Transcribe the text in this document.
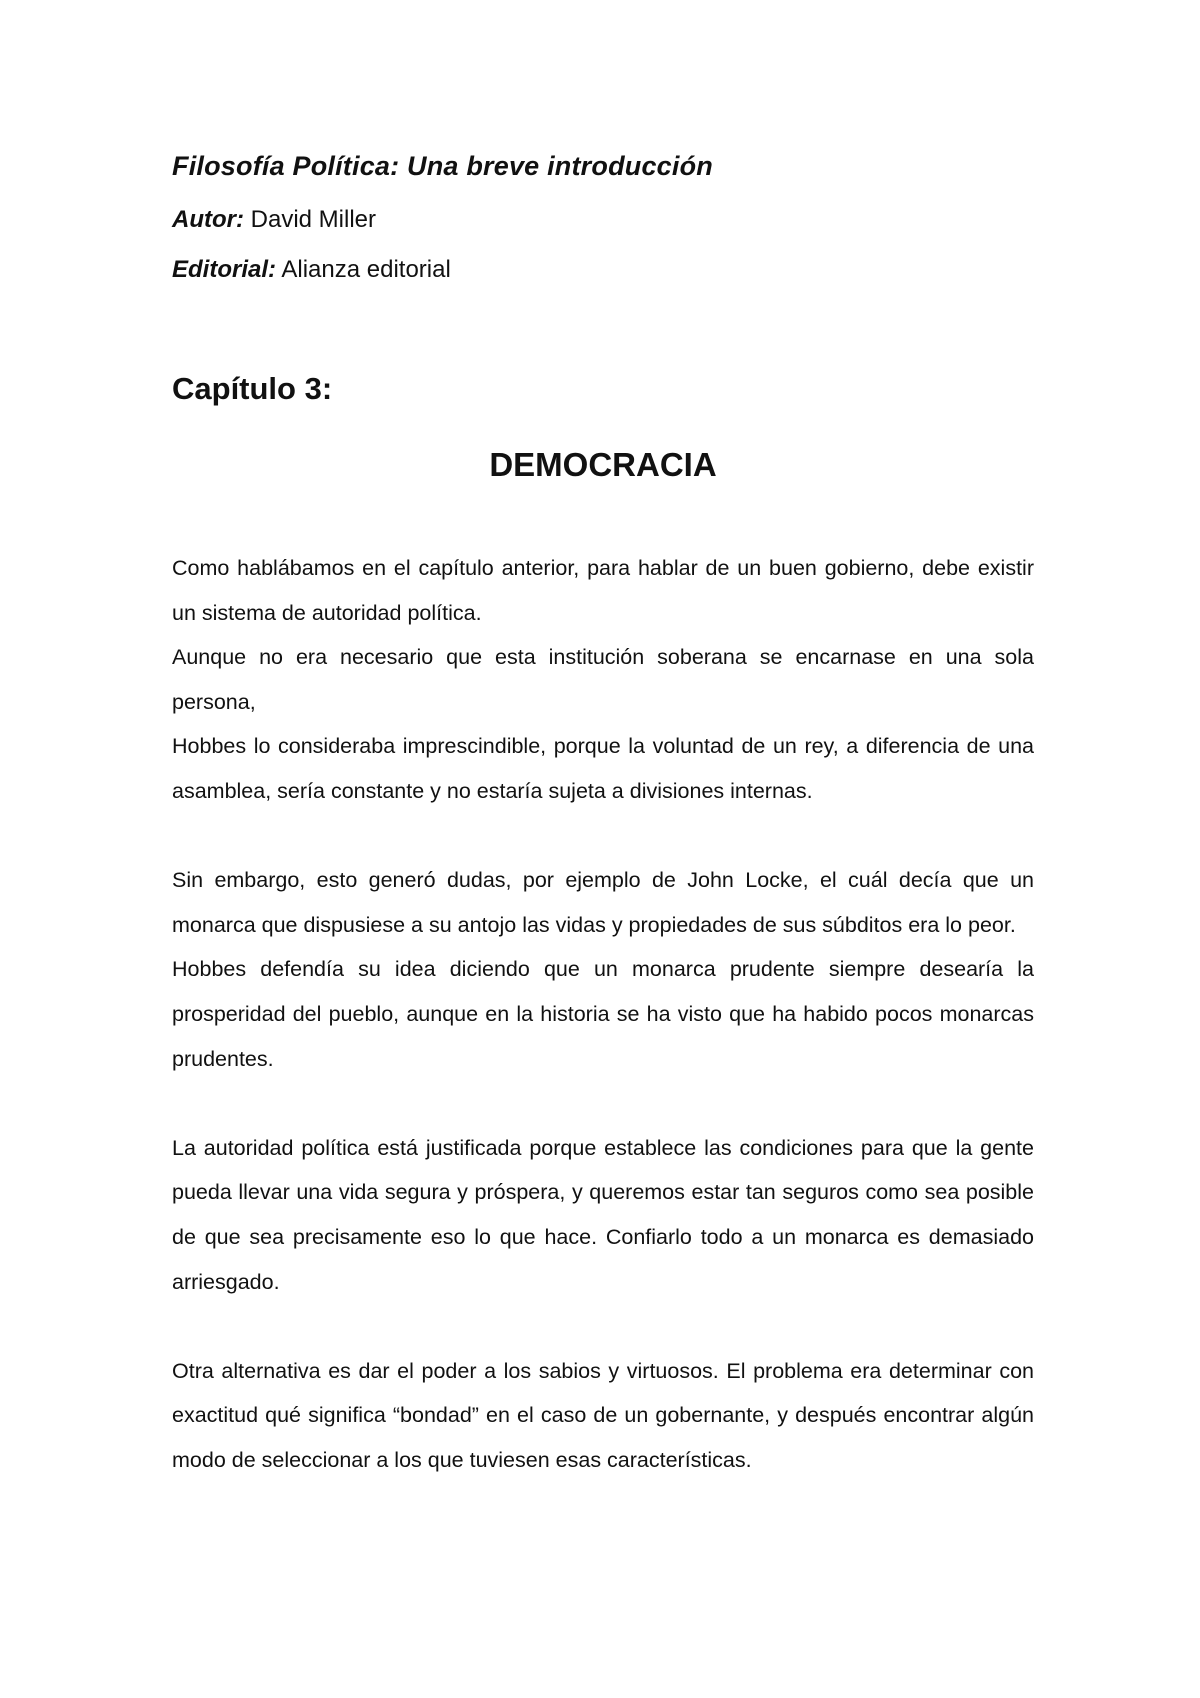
Filosofía Política: Una breve introducción

Autor: David Miller

Editorial: Alianza editorial

Capítulo 3:
DEMOCRACIA

Como hablábamos en el capítulo anterior, para hablar de un buen gobierno, debe existir un sistema de autoridad política.

Aunque no era necesario que esta institución soberana se encarnase en una sola persona,

Hobbes lo consideraba imprescindible, porque la voluntad de un rey, a diferencia de una asamblea, sería constante y no estaría sujeta a divisiones internas.

Sin embargo, esto generó dudas, por ejemplo de John Locke, el cuál decía que un monarca que dispusiese a su antojo las vidas y propiedades de sus súbditos era lo peor.

Hobbes defendía su idea diciendo que un monarca prudente siempre desearía la prosperidad del pueblo, aunque en la historia se ha visto que ha habido pocos monarcas prudentes.

La autoridad política está justificada porque establece las condiciones para que la gente pueda llevar una vida segura y próspera, y queremos estar tan seguros como sea posible de que sea precisamente eso lo que hace. Confiarlo todo a un monarca es demasiado arriesgado.

Otra alternativa es dar el poder a los sabios y virtuosos. El problema era determinar con exactitud qué significa “bondad” en el caso de un gobernante, y después encontrar algún modo de seleccionar a los que tuviesen esas características.
